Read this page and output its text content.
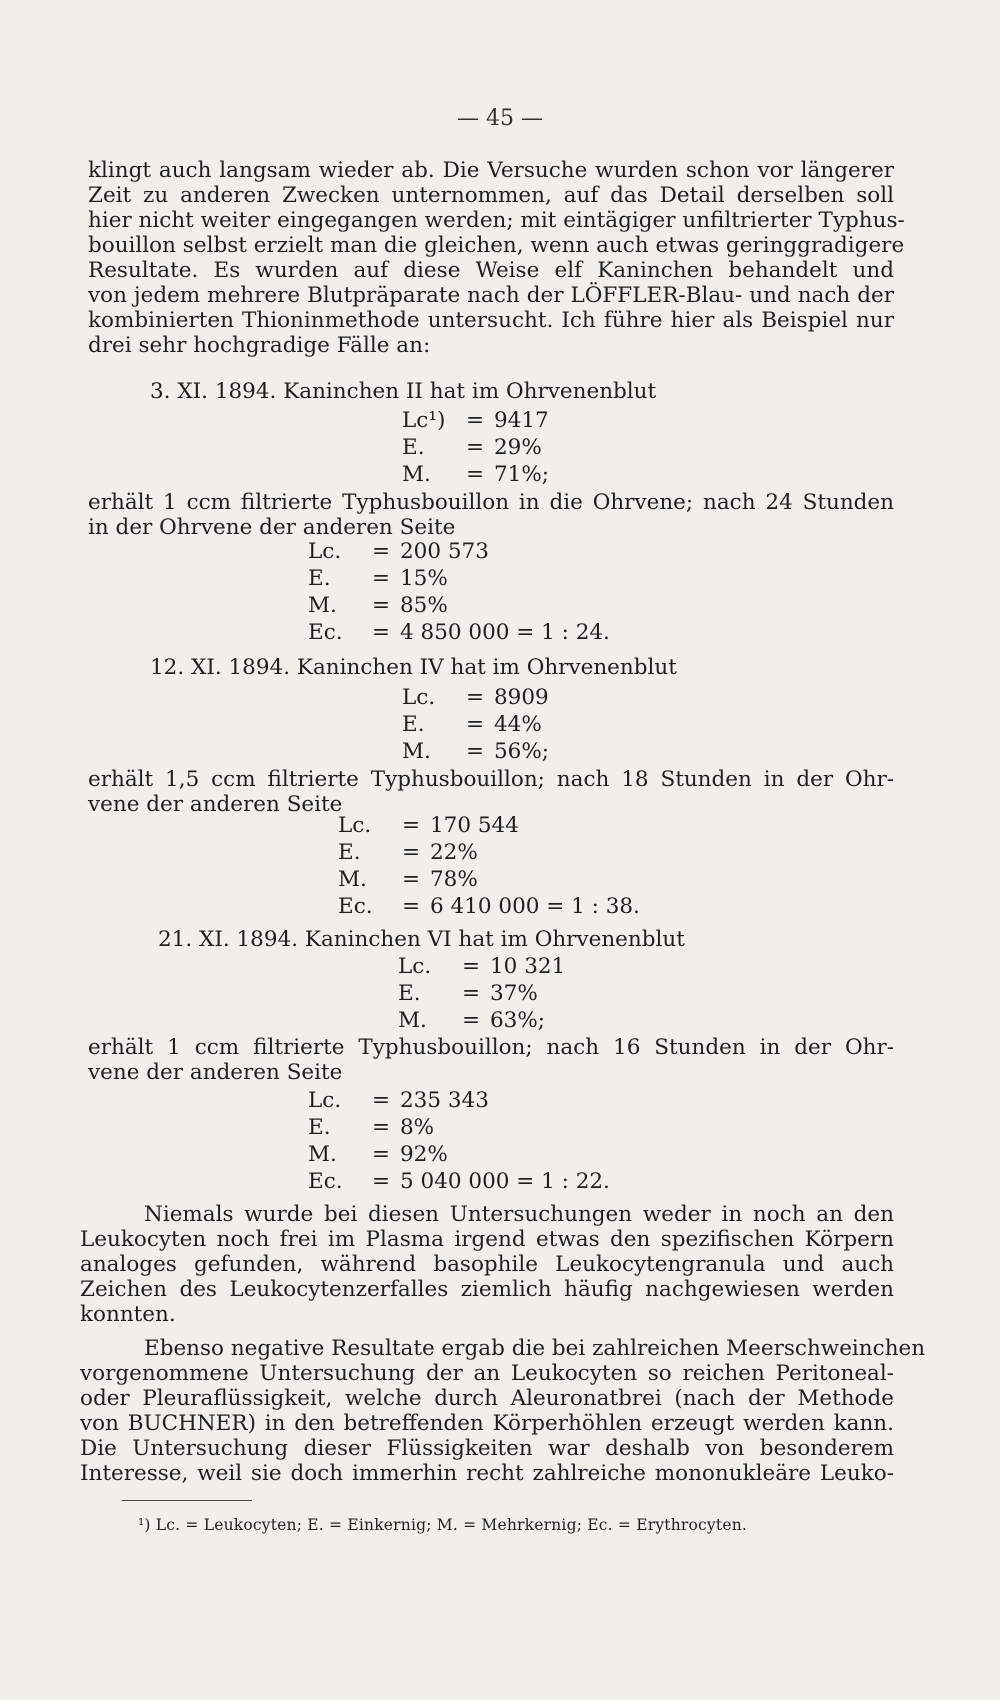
— 45 —
klingt auch langsam wieder ab. Die Versuche wurden schon vor längerer
Zeit zu anderen Zwecken unternommen, auf das Detail derselben soll
hier nicht weiter eingegangen werden; mit eintägiger unfiltrierter Typhus-
bouillon selbst erzielt man die gleichen, wenn auch etwas geringgradigere
Resultate. Es wurden auf diese Weise elf Kaninchen behandelt und
von jedem mehrere Blutpräparate nach der LÖFFLER-Blau- und nach der
kombinierten Thioninmethode untersucht. Ich führe hier als Beispiel nur
drei sehr hochgradige Fälle an:
3. XI. 1894. Kaninchen II hat im Ohrvenenblut
Lc¹) = 9417
E. = 29%
M. = 71%;
erhält 1 ccm filtrierte Typhusbouillon in die Ohrvene; nach 24 Stunden
in der Ohrvene der anderen Seite
Lc. = 200 573
E. = 15%
M. = 85%
Ec. = 4 850 000 = 1 : 24.
12. XI. 1894. Kaninchen IV hat im Ohrvenenblut
Lc. = 8909
E. = 44%
M. = 56%;
erhält 1,5 ccm filtrierte Typhusbouillon; nach 18 Stunden in der Ohr-
vene der anderen Seite
Lc. = 170 544
E. = 22%
M. = 78%
Ec. = 6 410 000 = 1 : 38.
21. XI. 1894. Kaninchen VI hat im Ohrvenenblut
Lc. = 10 321
E. = 37%
M. = 63%;
erhält 1 ccm filtrierte Typhusbouillon; nach 16 Stunden in der Ohr-
vene der anderen Seite
Lc. = 235 343
E. = 8%
M. = 92%
Ec. = 5 040 000 = 1 : 22.
Niemals wurde bei diesen Untersuchungen weder in noch an den
Leukocyten noch frei im Plasma irgend etwas den spezifischen Körpern
analoges gefunden, während basophile Leukocytengranula und auch
Zeichen des Leukocytenzerfalles ziemlich häufig nachgewiesen werden
konnten.
Ebenso negative Resultate ergab die bei zahlreichen Meerschweinchen
vorgenommene Untersuchung der an Leukocyten so reichen Peritoneal-
oder Pleuraflüssigkeit, welche durch Aleuronatbrei (nach der Methode
von BUCHNER) in den betreffenden Körperhöhlen erzeugt werden kann.
Die Untersuchung dieser Flüssigkeiten war deshalb von besonderem
Interesse, weil sie doch immerhin recht zahlreiche mononukleäre Leuko-
¹) Lc. = Leukocyten; E. = Einkernig; M. = Mehrkernig; Ec. = Erythrocyten.
